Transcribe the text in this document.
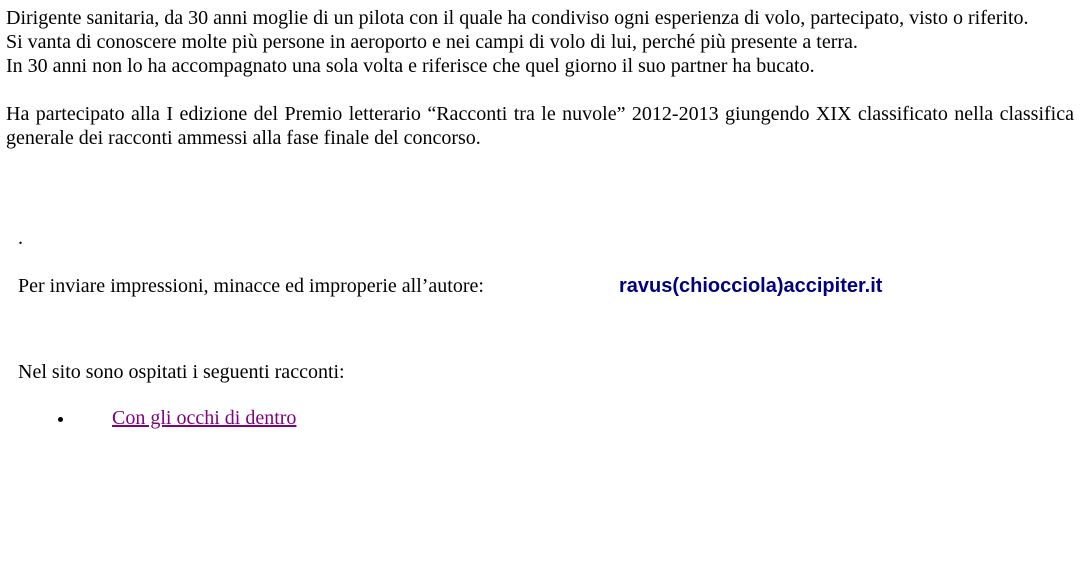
Dirigente sanitaria, da 30 anni moglie di un pilota con il quale ha condiviso ogni esperienza di volo, partecipato, visto o riferito.
Si vanta di conoscere molte più persone in aeroporto e nei campi di volo di lui, perché più presente a terra.
In 30 anni non lo ha accompagnato una sola volta e riferisce che quel giorno il suo partner ha bucato.
Ha partecipato alla I edizione del Premio letterario “Racconti tra le nuvole” 2012-2013 giungendo XIX classificato nella classifica generale dei racconti ammessi alla fase finale del concorso.
.
Per inviare impressioni, minacce ed improperie all’autore:	ravus(chiocciola)accipiter.it
Nel sito sono ospitati i seguenti racconti:
Con gli occhi di dentro
